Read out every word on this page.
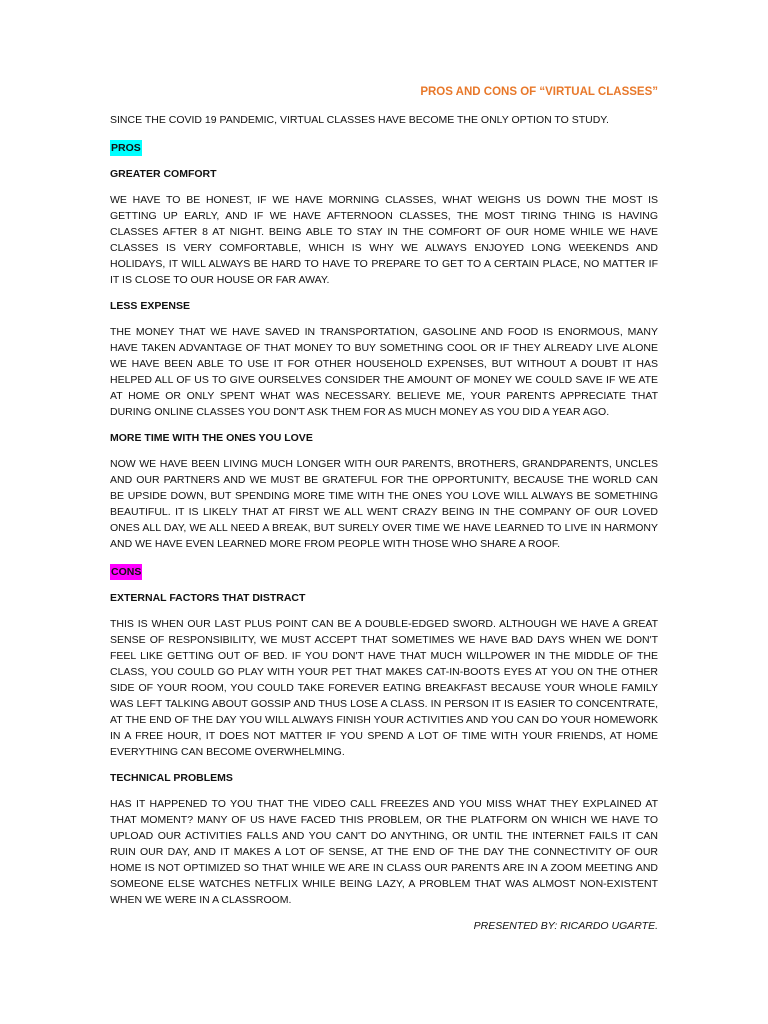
PROS AND CONS OF “VIRTUAL CLASSES”

SINCE THE COVID 19 PANDEMIC, VIRTUAL CLASSES HAVE BECOME THE ONLY OPTION TO STUDY.

PROS

GREATER COMFORT

WE HAVE TO BE HONEST, IF WE HAVE MORNING CLASSES, WHAT WEIGHS US DOWN THE MOST IS GETTING UP EARLY, AND IF WE HAVE AFTERNOON CLASSES, THE MOST TIRING THING IS HAVING CLASSES AFTER 8 AT NIGHT. BEING ABLE TO STAY IN THE COMFORT OF OUR HOME WHILE WE HAVE CLASSES IS VERY COMFORTABLE, WHICH IS WHY WE ALWAYS ENJOYED LONG WEEKENDS AND HOLIDAYS, IT WILL ALWAYS BE HARD TO HAVE TO PREPARE TO GET TO A CERTAIN PLACE, NO MATTER IF IT IS CLOSE TO OUR HOUSE OR FAR AWAY.

LESS EXPENSE

THE MONEY THAT WE HAVE SAVED IN TRANSPORTATION, GASOLINE AND FOOD IS ENORMOUS, MANY HAVE TAKEN ADVANTAGE OF THAT MONEY TO BUY SOMETHING COOL OR IF THEY ALREADY LIVE ALONE WE HAVE BEEN ABLE TO USE IT FOR OTHER HOUSEHOLD EXPENSES, BUT WITHOUT A DOUBT IT HAS HELPED ALL OF US TO GIVE OURSELVES CONSIDER THE AMOUNT OF MONEY WE COULD SAVE IF WE ATE AT HOME OR ONLY SPENT WHAT WAS NECESSARY. BELIEVE ME, YOUR PARENTS APPRECIATE THAT DURING ONLINE CLASSES YOU DON'T ASK THEM FOR AS MUCH MONEY AS YOU DID A YEAR AGO.

MORE TIME WITH THE ONES YOU LOVE

NOW WE HAVE BEEN LIVING MUCH LONGER WITH OUR PARENTS, BROTHERS, GRANDPARENTS, UNCLES AND OUR PARTNERS AND WE MUST BE GRATEFUL FOR THE OPPORTUNITY, BECAUSE THE WORLD CAN BE UPSIDE DOWN, BUT SPENDING MORE TIME WITH THE ONES YOU LOVE WILL ALWAYS BE SOMETHING BEAUTIFUL. IT IS LIKELY THAT AT FIRST WE ALL WENT CRAZY BEING IN THE COMPANY OF OUR LOVED ONES ALL DAY, WE ALL NEED A BREAK, BUT SURELY OVER TIME WE HAVE LEARNED TO LIVE IN HARMONY AND WE HAVE EVEN LEARNED MORE FROM PEOPLE WITH THOSE WHO SHARE A ROOF.

CONS

EXTERNAL FACTORS THAT DISTRACT

THIS IS WHEN OUR LAST PLUS POINT CAN BE A DOUBLE-EDGED SWORD. ALTHOUGH WE HAVE A GREAT SENSE OF RESPONSIBILITY, WE MUST ACCEPT THAT SOMETIMES WE HAVE BAD DAYS WHEN WE DON'T FEEL LIKE GETTING OUT OF BED. IF YOU DON'T HAVE THAT MUCH WILLPOWER IN THE MIDDLE OF THE CLASS, YOU COULD GO PLAY WITH YOUR PET THAT MAKES CAT-IN-BOOTS EYES AT YOU ON THE OTHER SIDE OF YOUR ROOM, YOU COULD TAKE FOREVER EATING BREAKFAST BECAUSE YOUR WHOLE FAMILY WAS LEFT TALKING ABOUT GOSSIP AND THUS LOSE A CLASS. IN PERSON IT IS EASIER TO CONCENTRATE, AT THE END OF THE DAY YOU WILL ALWAYS FINISH YOUR ACTIVITIES AND YOU CAN DO YOUR HOMEWORK IN A FREE HOUR, IT DOES NOT MATTER IF YOU SPEND A LOT OF TIME WITH YOUR FRIENDS, AT HOME EVERYTHING CAN BECOME OVERWHELMING.

TECHNICAL PROBLEMS

HAS IT HAPPENED TO YOU THAT THE VIDEO CALL FREEZES AND YOU MISS WHAT THEY EXPLAINED AT THAT MOMENT? MANY OF US HAVE FACED THIS PROBLEM, OR THE PLATFORM ON WHICH WE HAVE TO UPLOAD OUR ACTIVITIES FALLS AND YOU CAN'T DO ANYTHING, OR UNTIL THE INTERNET FAILS IT CAN RUIN OUR DAY, AND IT MAKES A LOT OF SENSE, AT THE END OF THE DAY THE CONNECTIVITY OF OUR HOME IS NOT OPTIMIZED SO THAT WHILE WE ARE IN CLASS OUR PARENTS ARE IN A ZOOM MEETING AND SOMEONE ELSE WATCHES NETFLIX WHILE BEING LAZY, A PROBLEM THAT WAS ALMOST NON-EXISTENT WHEN WE WERE IN A CLASSROOM.

PRESENTED BY: RICARDO UGARTE.
